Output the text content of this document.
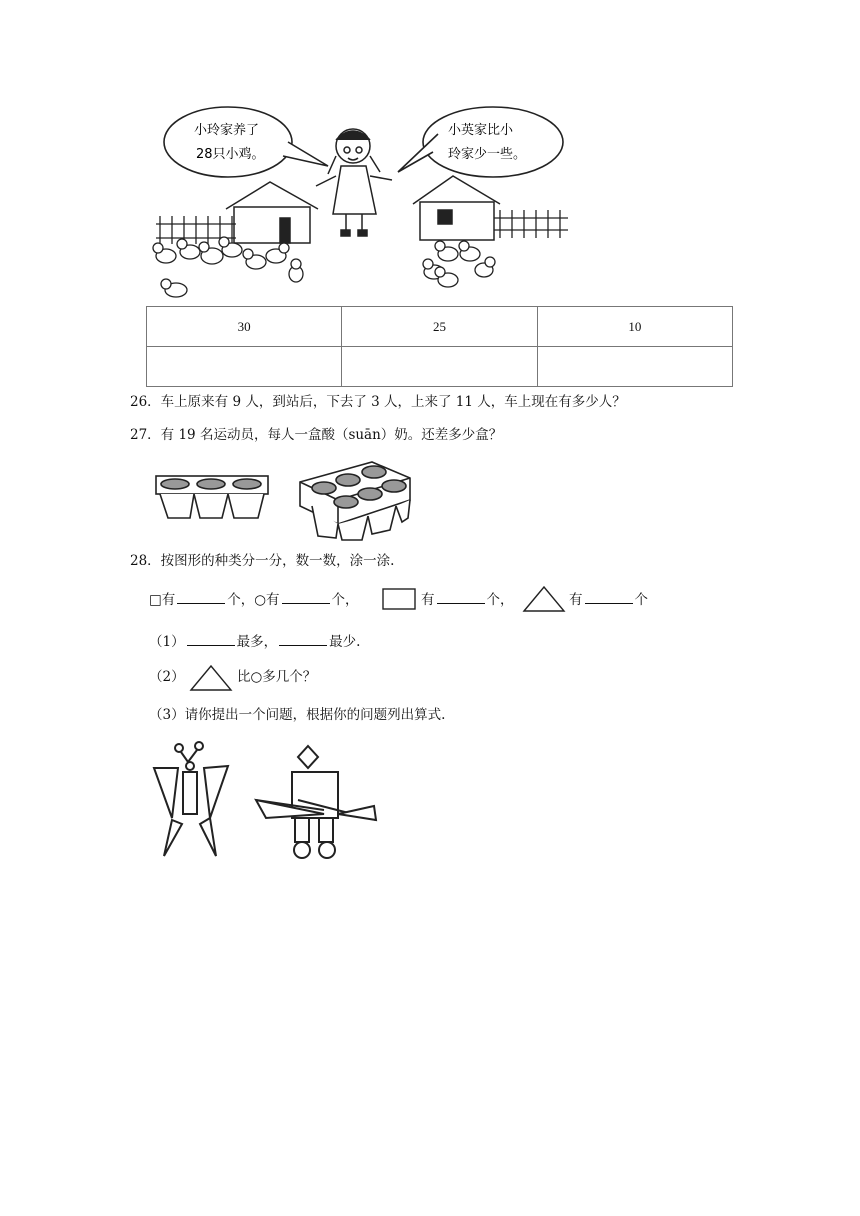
小玲家养了
28只小鸡。
小英家比小
玲家少一些。
30	25	10

26．车上原来有 9 人，到站后，下去了 3 人，上来了 11 人，车上现在有多少人？
27．有 19 名运动员，每人一盒酸（suān）奶。还差多少盒？
28．按图形的种类分一分，数一数，涂一涂.
□有	个，○有	个，	有	个，	有	个
（1）	最多，	最少.
（2）	比○多几个？
（3）请你提出一个问题，根据你的问题列出算式.
